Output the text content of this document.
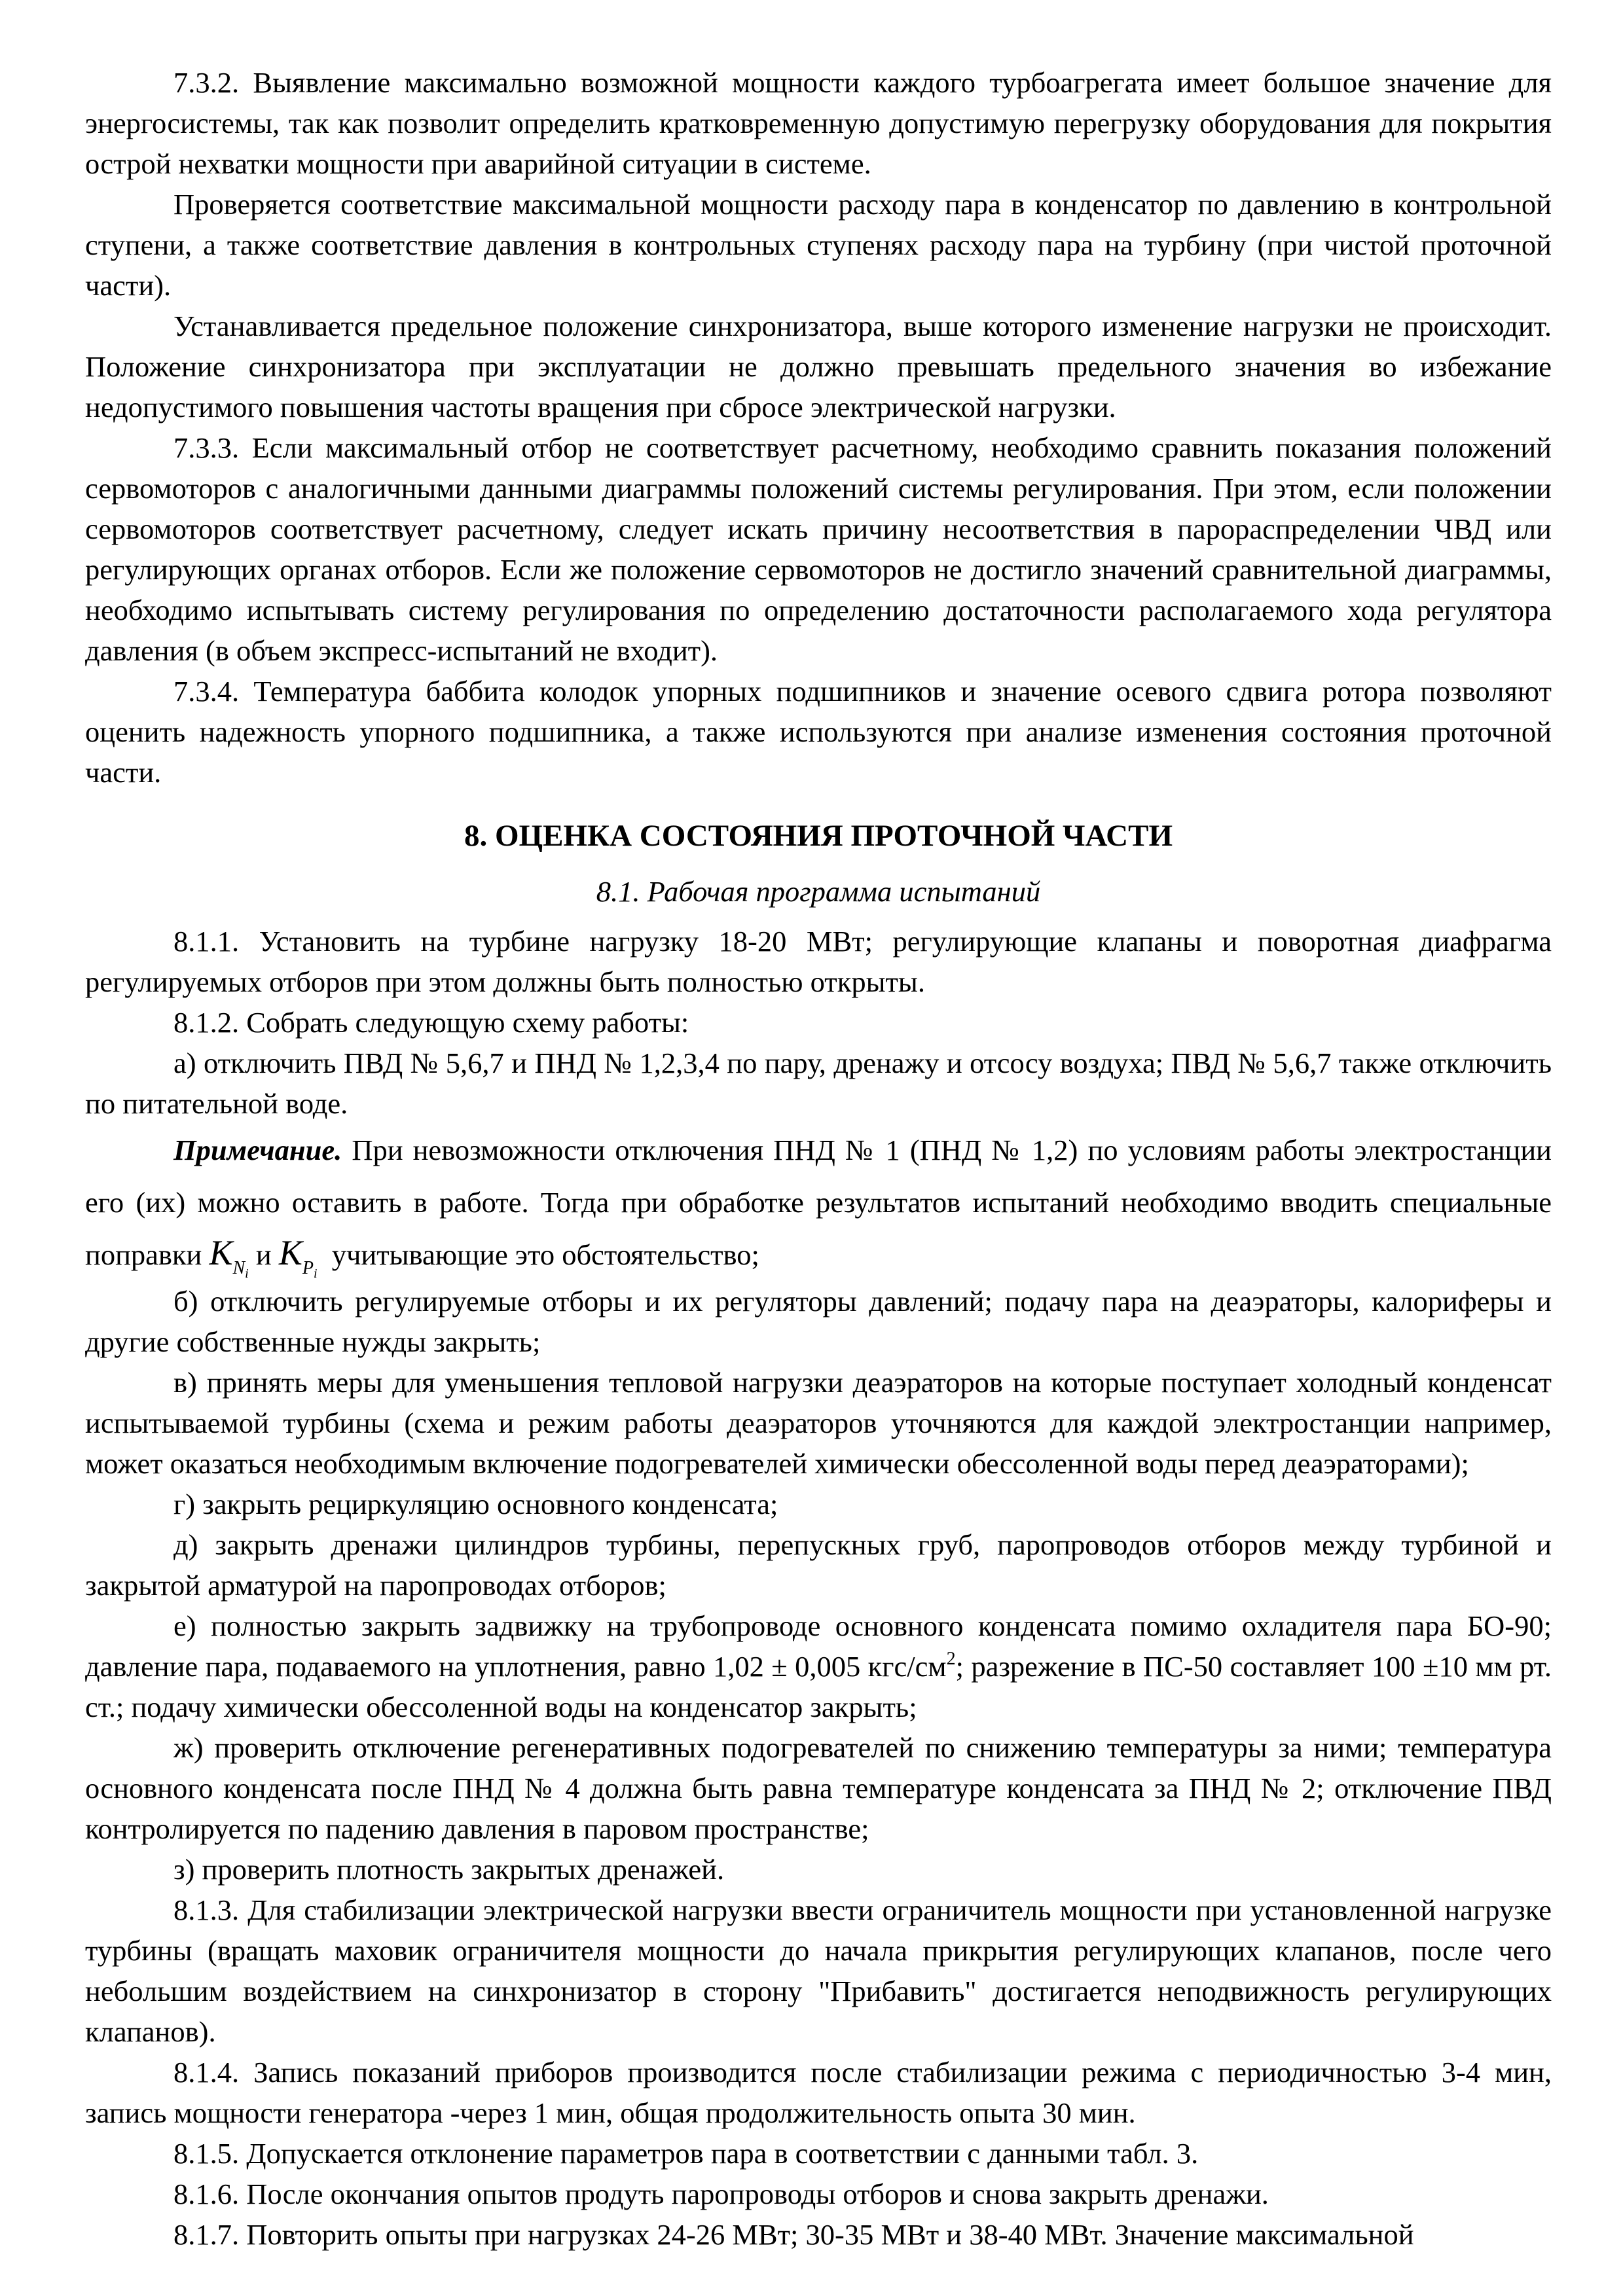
7.3.2. Выявление максимально возможной мощности каждого турбоагрегата имеет большое значение для энергосистемы, так как позволит определить кратковременную допустимую перегрузку оборудования для покрытия острой нехватки мощности при аварийной ситуации в системе.

Проверяется соответствие максимальной мощности расходу пара в конденсатор по давлению в контрольной ступени, а также соответствие давления в контрольных ступенях расходу пара на турбину (при чистой проточной части).

Устанавливается предельное положение синхронизатора, выше которого изменение нагрузки не происходит. Положение синхронизатора при эксплуатации не должно превышать предельного значения во избежание недопустимого повышения частоты вращения при сбросе электрической нагрузки.

7.3.3. Если максимальный отбор не соответствует расчетному, необходимо сравнить показания положений сервомоторов с аналогичными данными диаграммы положений системы регулирования. При этом, если положении сервомоторов соответствует расчетному, следует искать причину несоответствия в парораспределении ЧВД или регулирующих органах отборов. Если же положение сервомоторов не достигло значений сравнительной диаграммы, необходимо испытывать систему регулирования по определению достаточности располагаемого хода регулятора давления (в объем экспресс-испытаний не входит).

7.3.4. Температура баббита колодок упорных подшипников и значение осевого сдвига ротора позволяют оценить надежность упорного подшипника, а также используются при анализе изменения состояния проточной части.

8. ОЦЕНКА СОСТОЯНИЯ ПРОТОЧНОЙ ЧАСТИ
8.1. Рабочая программа испытаний

8.1.1. Установить на турбине нагрузку 18-20 МВт; регулирующие клапаны и поворотная диафрагма регулируемых отборов при этом должны быть полностью открыты.

8.1.2. Собрать следующую схему работы:

а) отключить ПВД № 5,6,7 и ПНД № 1,2,3,4 по пару, дренажу и отсосу воздуха; ПВД № 5,6,7 также отключить по питательной воде.

Примечание. При невозможности отключения ПНД № 1 (ПНД № 1,2) по условиям работы электростанции его (их) можно оставить в работе. Тогда при обработке результатов испытаний необходимо вводить специальные поправки $K_{N_i}$ и $K_{P_i}$  учитывающие это обстоятельство;

б) отключить регулируемые отборы и их регуляторы давлений; подачу пара на деаэраторы, калориферы и другие собственные нужды закрыть;

в) принять меры для уменьшения тепловой нагрузки деаэраторов на которые поступает холодный конденсат испытываемой турбины (схема и режим работы деаэраторов уточняются для каждой электростанции например, может оказаться необходимым включение подогревателей химически обессоленной воды перед деаэраторами);

г) закрыть рециркуляцию основного конденсата;

д) закрыть дренажи цилиндров турбины, перепускных груб, паропроводов отборов между турбиной и закрытой арматурой на паропроводах отборов;

е) полностью закрыть задвижку на трубопроводе основного конденсата помимо охладителя пара БО-90; давление пара, подаваемого на уплотнения, равно 1,02 ± 0,005 кгс/$см^2$; разрежение в ПС-50 составляет 100 ±10 мм рт. ст.; подачу химически обессоленной воды на конденсатор закрыть;

ж) проверить отключение регенеративных подогревателей по снижению температуры за ними; температура основного конденсата после ПНД № 4 должна быть равна температуре конденсата за ПНД № 2; отключение ПВД контролируется по падению давления в паровом пространстве;

з) проверить плотность закрытых дренажей.

8.1.3. Для стабилизации электрической нагрузки ввести ограничитель мощности при установленной нагрузке турбины (вращать маховик ограничителя мощности до начала прикрытия регулирующих клапанов, после чего небольшим воздействием на синхронизатор в сторону "Прибавить" достигается неподвижность регулирующих клапанов).

8.1.4. Запись показаний приборов производится после стабилизации режима с периодичностью 3-4 мин, запись мощности генератора -через 1 мин, общая продолжительность опыта 30 мин.

8.1.5. Допускается отклонение параметров пара в соответствии с данными табл. 3.

8.1.6. После окончания опытов продуть паропроводы отборов и снова закрыть дренажи.

8.1.7. Повторить опыты при нагрузках 24-26 МВт; 30-35 МВт и 38-40 МВт. Значение максимальной
